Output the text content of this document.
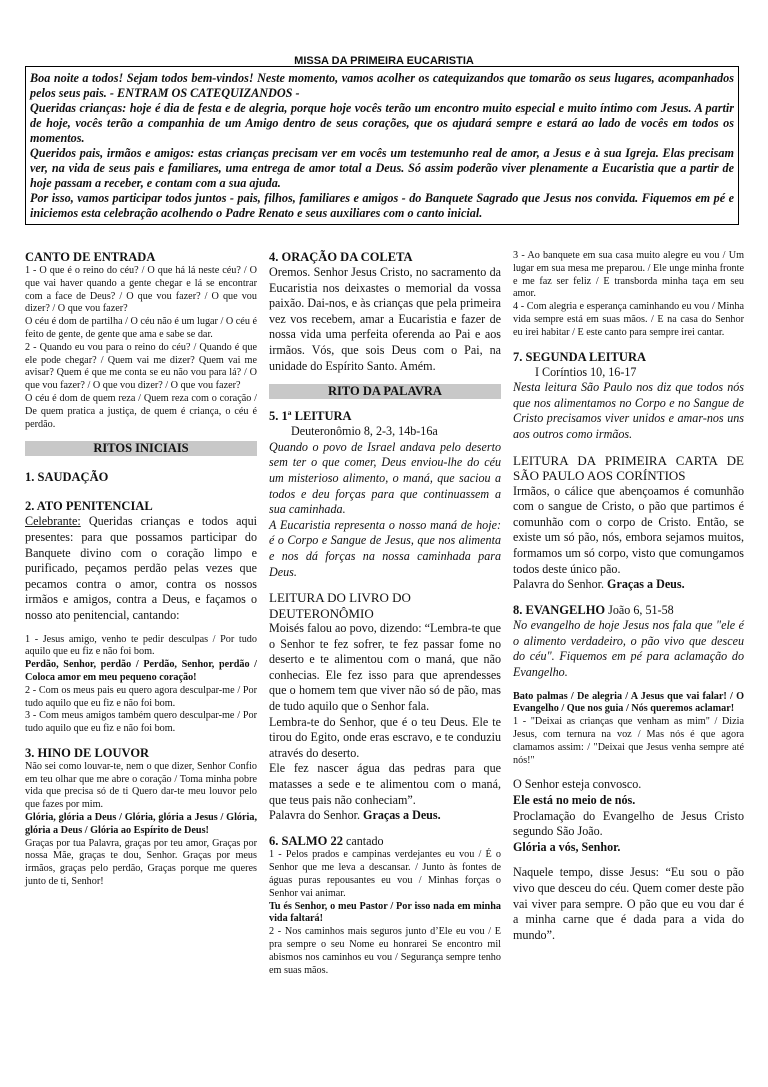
MISSA DA PRIMEIRA EUCARISTIA

Boa noite a todos! Sejam todos bem-vindos! Neste momento, vamos acolher os catequizandos que tomarão os seus lugares, acompanhados pelos seus pais. - ENTRAM OS CATEQUIZANDOS -

Queridas crianças: hoje é dia de festa e de alegria, porque hoje vocês terão um encontro muito especial e muito íntimo com Jesus. A partir de hoje, vocês terão a companhia de um Amigo dentro de seus corações, que os ajudará sempre e estará ao lado de vocês em todos os momentos.

Queridos pais, irmãos e amigos: estas crianças precisam ver em vocês um testemunho real de amor, a Jesus e à sua Igreja. Elas precisam ver, na vida de seus pais e familiares, uma entrega de amor total a Deus. Só assim poderão viver plenamente a Eucaristia que a partir de hoje passam a receber, e contam com a sua ajuda.

Por isso, vamos participar todos juntos - pais, filhos, familiares e amigos - do Banquete Sagrado que Jesus nos convida. Fiquemos em pé e iniciemos esta celebração acolhendo o Padre Renato e seus auxiliares com o canto inicial.

CANTO DE ENTRADA
1 - O que é o reino do céu? / O que há lá neste céu? / O que vai haver quando a gente chegar e lá se encontrar com a face de Deus? / O que vou fazer? / O que vou dizer? / O que vou fazer?
O céu é dom de partilha / O céu não é um lugar / O céu é feito de gente, de gente que ama e sabe se dar.
2 - Quando eu vou para o reino do céu? / Quando é que ele pode chegar? / Quem vai me dizer? Quem vai me avisar? Quem é que me conta se eu não vou para lá? / O que vou fazer? / O que vou dizer? / O que vou fazer?
O céu é dom de quem reza / Quem reza com o coração / De quem pratica a justiça, de quem é criança, o céu é perdão.
RITOS INICIAIS
1. SAUDAÇÃO
2. ATO PENITENCIAL
Celebrante: Queridas crianças e todos aqui presentes: para que possamos participar do Banquete divino com o coração limpo e purificado, peçamos perdão pelas vezes que pecamos contra o amor, contra os nossos irmãos e amigos, contra a Deus, e façamos o nosso ato penitencial, cantando:
1 - Jesus amigo, venho te pedir desculpas / Por tudo aquilo que eu fiz e não foi bom.
Perdão, Senhor, perdão / Perdão, Senhor, perdão / Coloca amor em meu pequeno coração!
2 - Com os meus pais eu quero agora desculpar-me / Por tudo aquilo que eu fiz e não foi bom.
3 - Com meus amigos também quero desculpar-me / Por tudo aquilo que eu fiz e não foi bom.
3. HINO DE LOUVOR
Não sei como louvar-te, nem o que dizer, Senhor Confio em teu olhar que me abre o coração / Toma minha pobre vida que precisa só de ti Quero dar-te meu louvor pelo que fazes por mim.
Glória, glória a Deus / Glória, glória a Jesus / Glória, glória a Deus / Glória ao Espírito de Deus!
Graças por tua Palavra, graças por teu amor, Graças por nossa Mãe, graças te dou, Senhor. Graças por meus irmãos, graças pelo perdão, Graças porque me queres junto de ti, Senhor!
4. ORAÇÃO DA COLETA
Oremos. Senhor Jesus Cristo, no sacramento da Eucaristia nos deixastes o memorial da vossa paixão. Dai-nos, e às crianças que pela primeira vez vos recebem, amar a Eucaristia e fazer de nossa vida uma perfeita oferenda ao Pai e aos irmãos. Vós, que sois Deus com o Pai, na unidade do Espírito Santo. Amém.
RITO DA PALAVRA
5. 1ª LEITURA
Deuteronômio 8, 2-3, 14b-16a
Quando o povo de Israel andava pelo deserto sem ter o que comer, Deus enviou-lhe do céu um misterioso alimento, o maná, que saciou a todos e deu forças para que continuassem a sua caminhada.
A Eucaristia representa o nosso maná de hoje: é o Corpo e Sangue de Jesus, que nos alimenta e nos dá forças na nossa caminhada para Deus.
LEITURA DO LIVRO DO DEUTERONÔMIO
Moisés falou ao povo, dizendo: “Lembra-te que o Senhor te fez sofrer, te fez passar fome no deserto e te alimentou com o maná, que não conhecias. Ele fez isso para que aprendesses que o homem tem que viver não só de pão, mas de tudo aquilo que o Senhor fala.
Lembra-te do Senhor, que é o teu Deus. Ele te tirou do Egito, onde eras escravo, e te conduziu através do deserto.
Ele fez nascer água das pedras para que matasses a sede e te alimentou com o maná, que teus pais não conheciam”.
Palavra do Senhor. Graças a Deus.
6. SALMO 22 cantado
1 - Pelos prados e campinas verdejantes eu vou / É o Senhor que me leva a descansar. / Junto às fontes de águas puras repousantes eu vou / Minhas forças o Senhor vai animar.
Tu és Senhor, o meu Pastor / Por isso nada em minha vida faltará!
2 - Nos caminhos mais seguros junto d’Ele eu vou / E pra sempre o seu Nome eu honrarei Se encontro mil abismos nos caminhos eu vou / Segurança sempre tenho em suas mãos.
3 - Ao banquete em sua casa muito alegre eu vou / Um lugar em sua mesa me preparou. / Ele unge minha fronte e me faz ser feliz / E transborda minha taça em seu amor.
4 - Com alegria e esperança caminhando eu vou / Minha vida sempre está em suas mãos. / E na casa do Senhor eu irei habitar / E este canto para sempre irei cantar.
7. SEGUNDA LEITURA
I Coríntios 10, 16-17
Nesta leitura São Paulo nos diz que todos nós que nos alimentamos no Corpo e no Sangue de Cristo precisamos viver unidos e amar-nos uns aos outros como irmãos.
LEITURA DA PRIMEIRA CARTA DE SÃO PAULO AOS CORÍNTIOS
Irmãos, o cálice que abençoamos é comunhão com o sangue de Cristo, o pão que partimos é comunhão com o corpo de Cristo. Então, se existe um só pão, nós, embora sejamos muitos, formamos um só corpo, visto que comungamos todos deste único pão.
Palavra do Senhor. Graças a Deus.
8. EVANGELHO João 6, 51-58
No evangelho de hoje Jesus nos fala que "ele é o alimento verdadeiro, o pão vivo que desceu do céu". Fiquemos em pé para aclamação do Evangelho.
Bato palmas / De alegria / A Jesus que vai falar! / O Evangelho / Que nos guia / Nós queremos aclamar!
1 - "Deixai as crianças que venham as mim" / Dizia Jesus, com ternura na voz / Mas nós é que agora clamamos assim: / "Deixai que Jesus venha sempre até nós!"
O Senhor esteja convosco.
Ele está no meio de nós.
Proclamação do Evangelho de Jesus Cristo segundo São João.
Glória a vós, Senhor.
Naquele tempo, disse Jesus: “Eu sou o pão vivo que desceu do céu. Quem comer deste pão vai viver para sempre. O pão que eu vou dar é a minha carne que é dada para a vida do mundo”.
